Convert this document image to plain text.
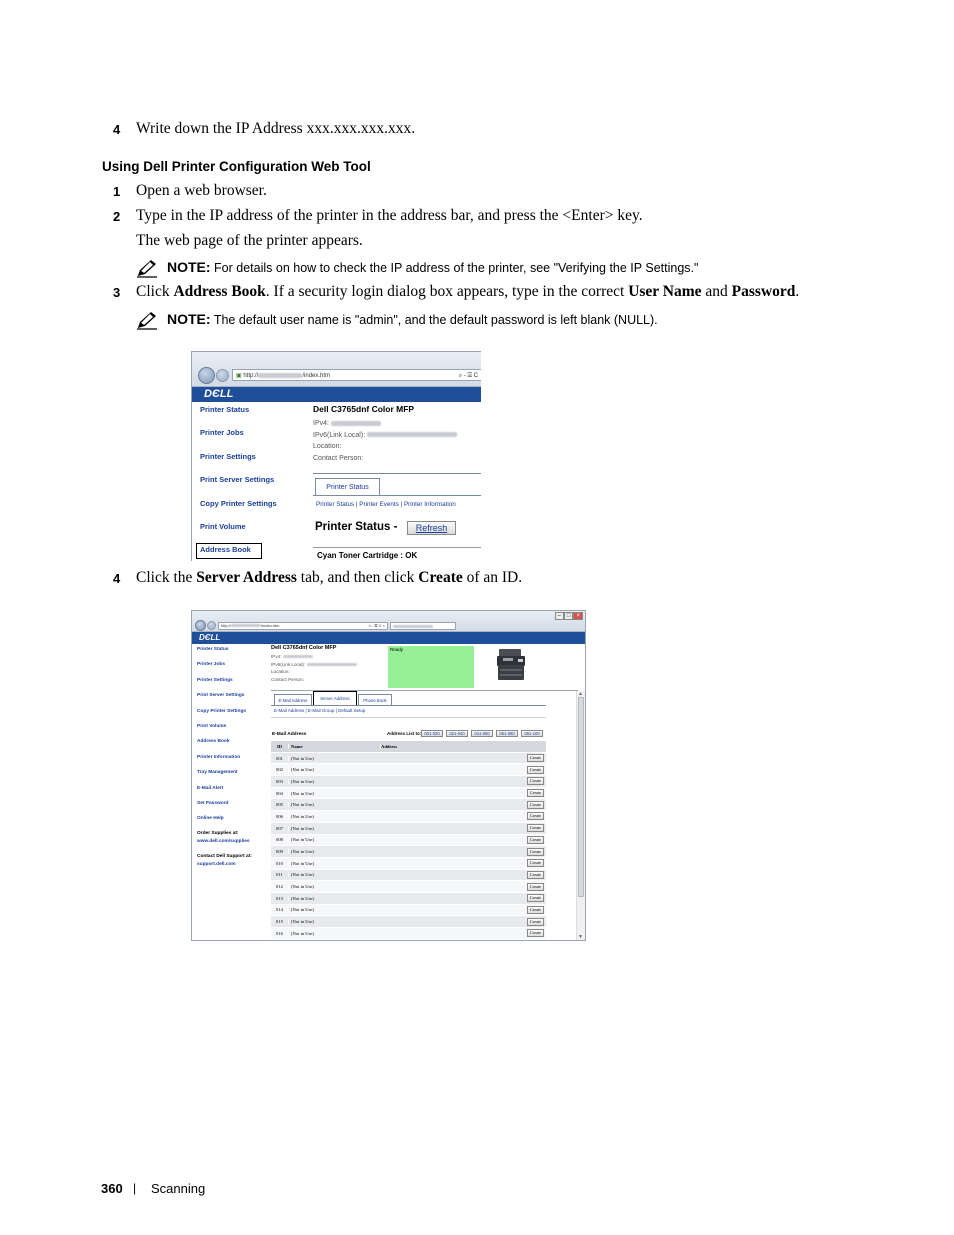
4 Write down the IP Address xxx.xxx.xxx.xxx.
Using Dell Printer Configuration Web Tool
1 Open a web browser.
2 Type in the IP address of the printer in the address bar, and press the <Enter> key.
The web page of the printer appears.
NOTE: For details on how to check the IP address of the printer, see "Verifying the IP Settings."
3 Click Address Book. If a security login dialog box appears, type in the correct User Name and Password.
NOTE: The default user name is "admin", and the default password is left blank (NULL).
▣ http://	/index.htm	⌕ - ☒ C
DЄLL
Printer Status
Printer Jobs
Printer Settings
Print Server Settings
Copy Printer Settings
Print Volume
Address Book
Dell C3765dnf Color MFP
IPv4:
IPv6(Link Local):
Location:
Contact Person:
Printer Status
Printer Status | Printer Events | Printer Information
Printer Status -	Refresh
Cyan Toner Cartridge : OK
4 Click the Server Address tab, and then click Create of an ID.
– □ ×
http://	/index.htm	⌕ - ☒ C ×
DЄLL
Printer Status
Printer Jobs
Printer Settings
Print Server Settings
Copy Printer Settings
Print Volume
Address Book
Printer Information
Tray Management
E-Mail Alert
Set Password
Online Help
Order Supplies at:
www.dell.com/supplies
Contact Dell Support at:
support.dell.com
Dell C3765dnf Color MFP
IPv4:
IPv6(Link Local):
Location:
Contact Person:
Ready
E-Mail Address	Server Address	Phone Book
E-Mail Address | E-Mail Group | Default Setup
E-Mail Address	Address List to: 001-020	021-040	041-060	061-080	081-100
▲
▼
ID	Name	Address
001	(Not in Use)	Create
002	(Not in Use)	Create
003	(Not in Use)	Create
004	(Not in Use)	Create
005	(Not in Use)	Create
006	(Not in Use)	Create
007	(Not in Use)	Create
008	(Not in Use)	Create
009	(Not in Use)	Create
010	(Not in Use)	Create
011	(Not in Use)	Create
012	(Not in Use)	Create
013	(Not in Use)	Create
014	(Not in Use)	Create
015	(Not in Use)	Create
016	(Not in Use)	Create
360 | Scanning
